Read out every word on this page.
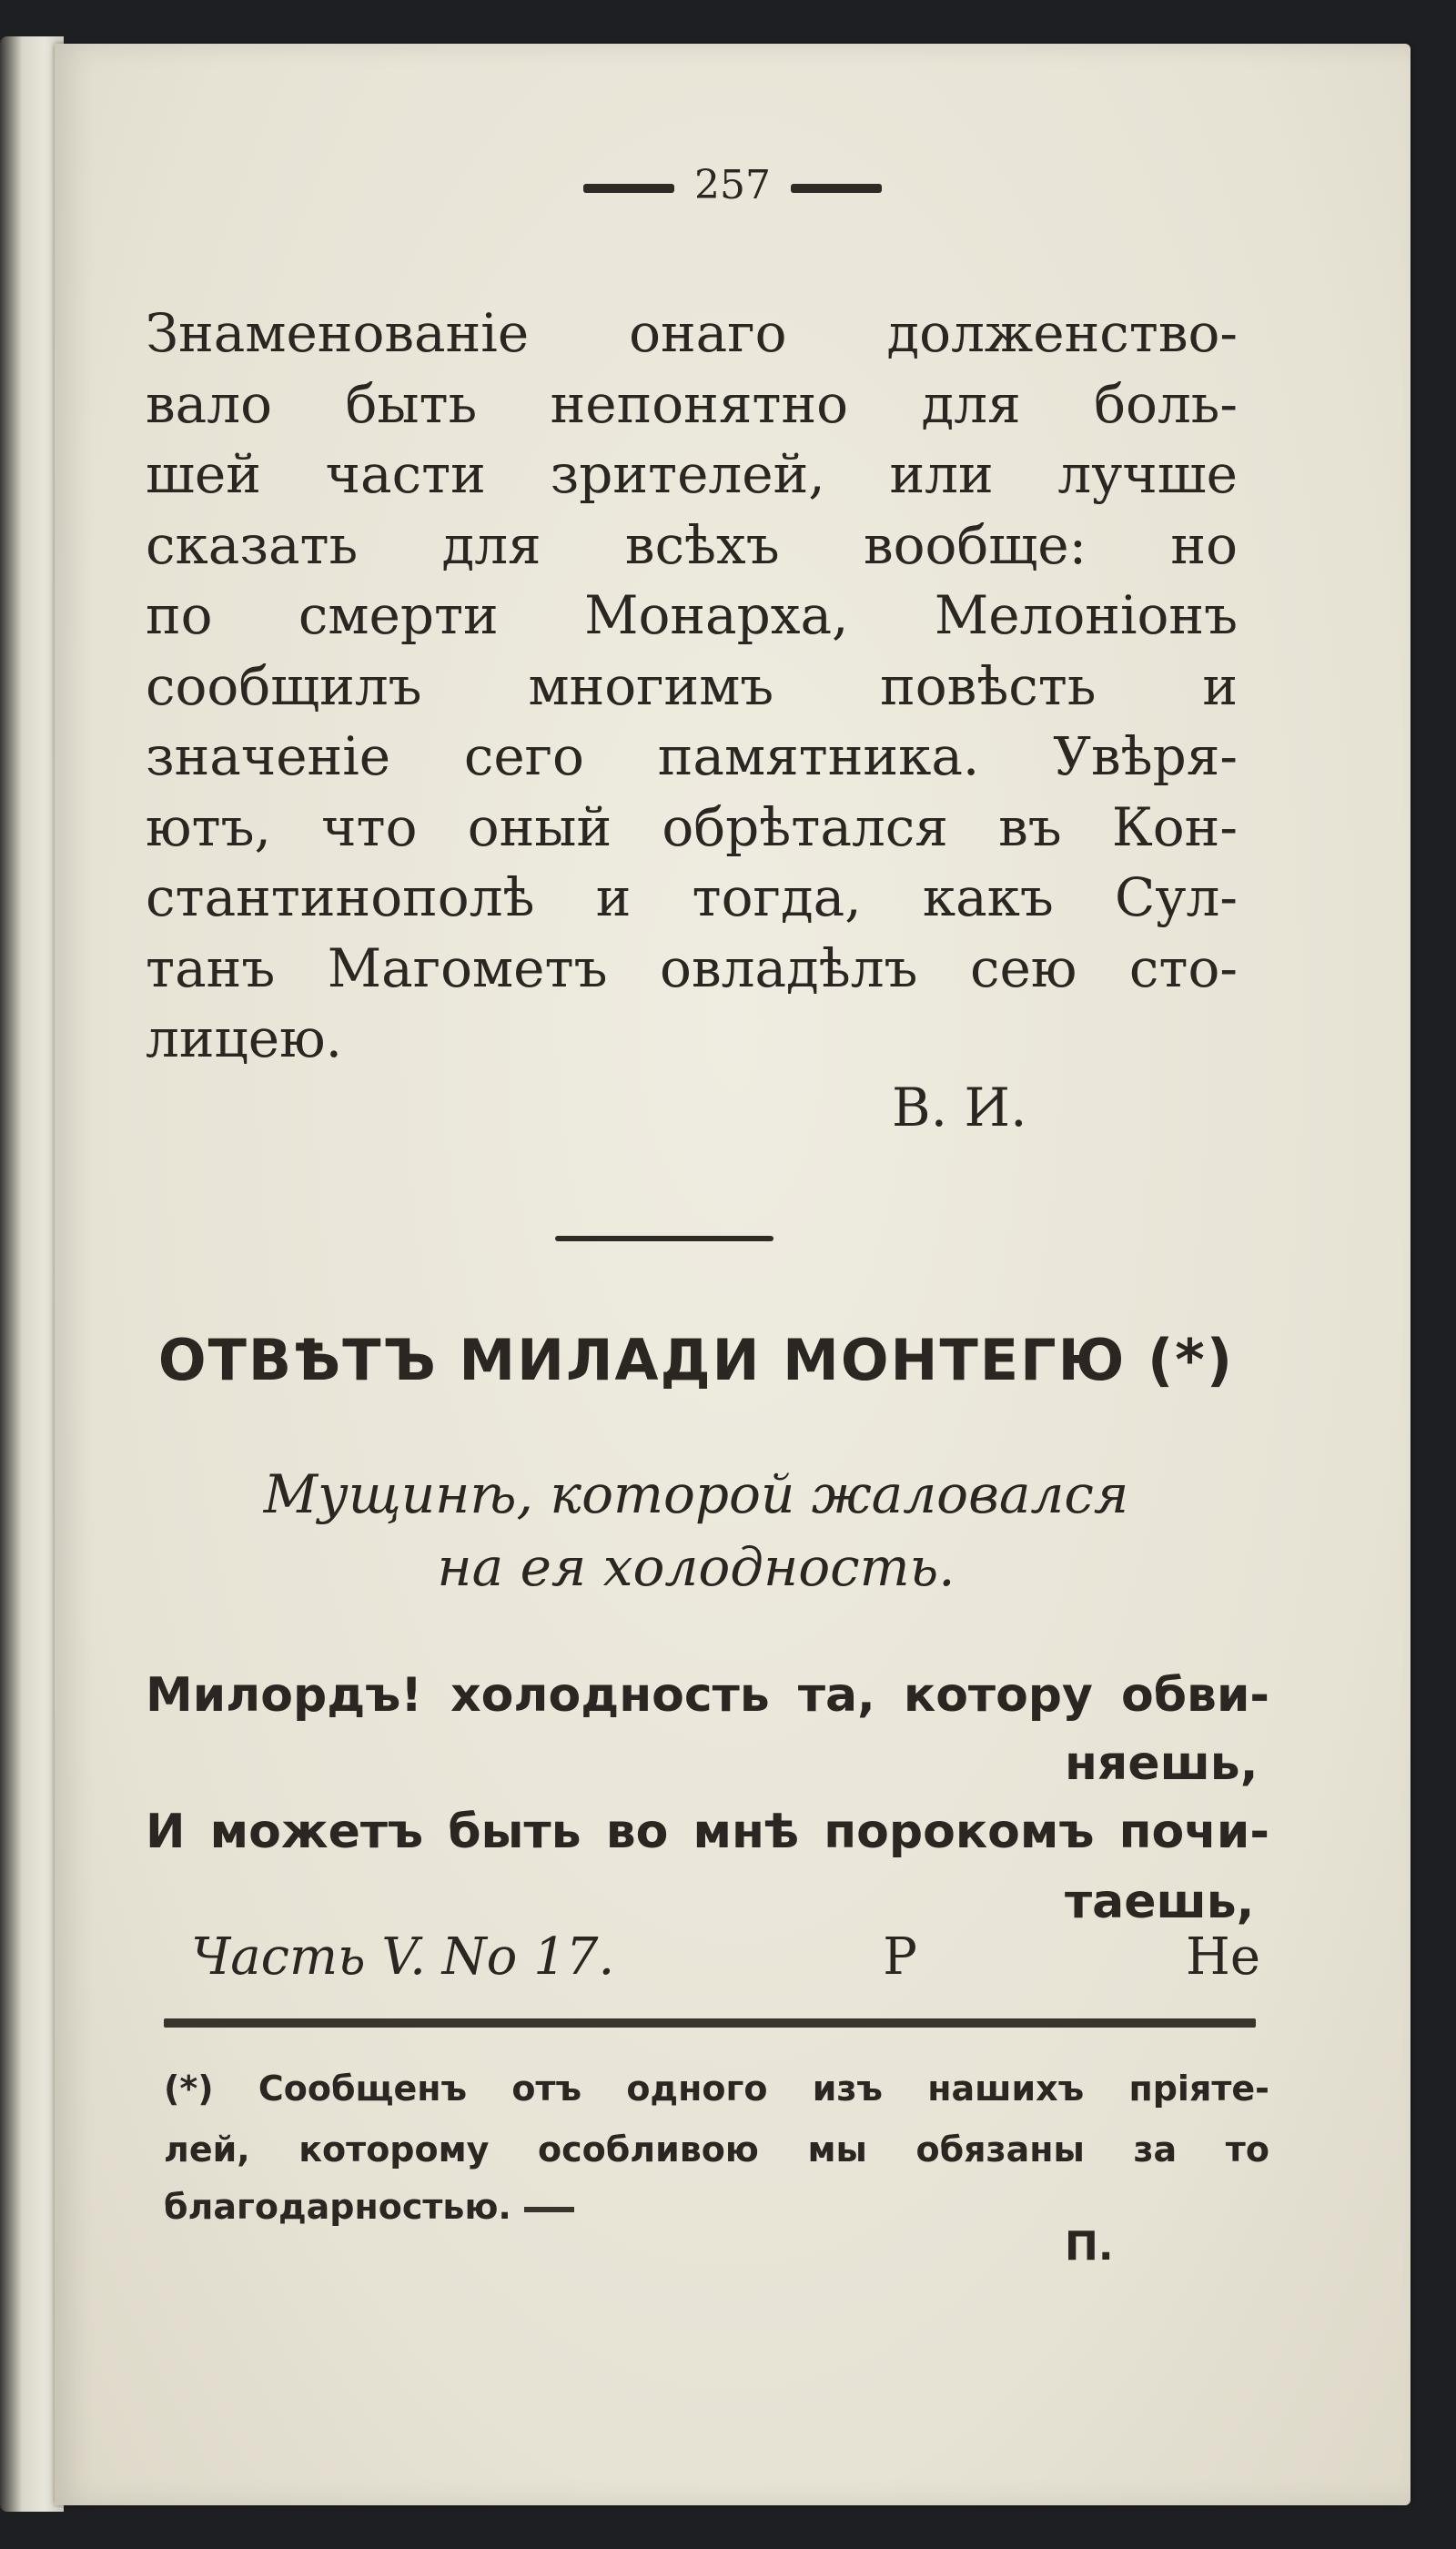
257
Знаменованіе онаго долженство-
вало быть непонятно для боль-
шей части зрителей, или лучше
сказать для всѣхъ вообще: но
по смерти Монарха, Мелоніонъ
сообщилъ многимъ повѣсть и
значеніе сего памятника. Увѣря-
ютъ, что оный обрѣтался въ Кон-
стантинополѣ и тогда, какъ Сул-
танъ Магометъ овладѣлъ сею сто-
лицею.
В. И.
ОТВѢТЪ МИЛАДИ МОНТЕГЮ (*)
Мущинѣ, которой жаловался
на ея холодность.
Милордъ! холодность та, котору обви-
няешь,
И можетъ быть во мнѣ порокомъ почи-
таешь,
Часть V. No 17.	Р	Не
(*) Сообщенъ отъ одного изъ нашихъ пріяте-
лей, которому особливою мы обязаны за то
благодарностью.
П.
